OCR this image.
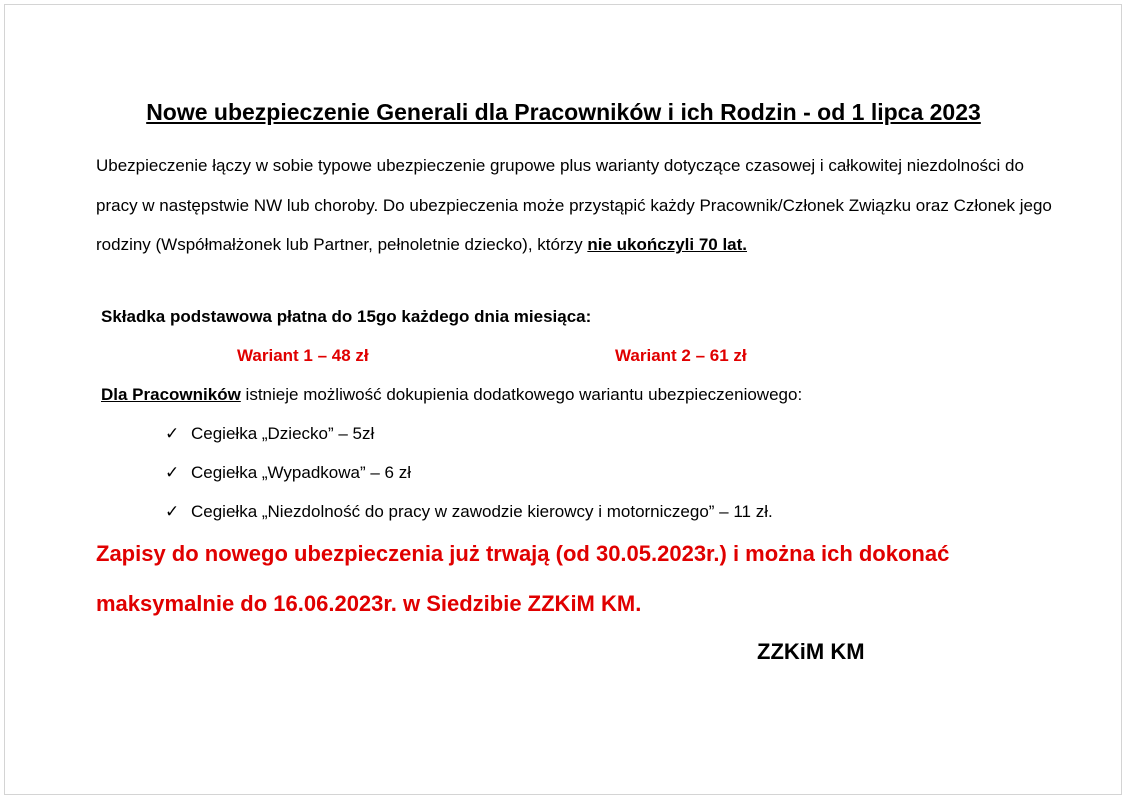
Nowe ubezpieczenie Generali dla Pracowników i ich Rodzin - od 1 lipca 2023
Ubezpieczenie łączy w sobie typowe ubezpieczenie grupowe plus warianty dotyczące czasowej i całkowitej niezdolności do pracy w następstwie NW lub choroby. Do ubezpieczenia może przystąpić każdy Pracownik/Członek Związku oraz Członek jego rodziny (Współmałżonek lub Partner, pełnoletnie dziecko), którzy nie ukończyli 70 lat.
Składka podstawowa płatna do 15go każdego dnia miesiąca:
Wariant 1 – 48 zł	Wariant 2 – 61 zł
Dla Pracowników istnieje możliwość dokupienia dodatkowego wariantu ubezpieczeniowego:
✓ Cegiełka „Dziecko” – 5zł
✓ Cegiełka „Wypadkowa” – 6 zł
✓ Cegiełka „Niezdolność do pracy w zawodzie kierowcy i motorniczego” – 11 zł.
Zapisy do nowego ubezpieczenia już trwają (od 30.05.2023r.) i można ich dokonać
maksymalnie do 16.06.2023r. w Siedzibie ZZKiM KM.
ZZKiM KM
